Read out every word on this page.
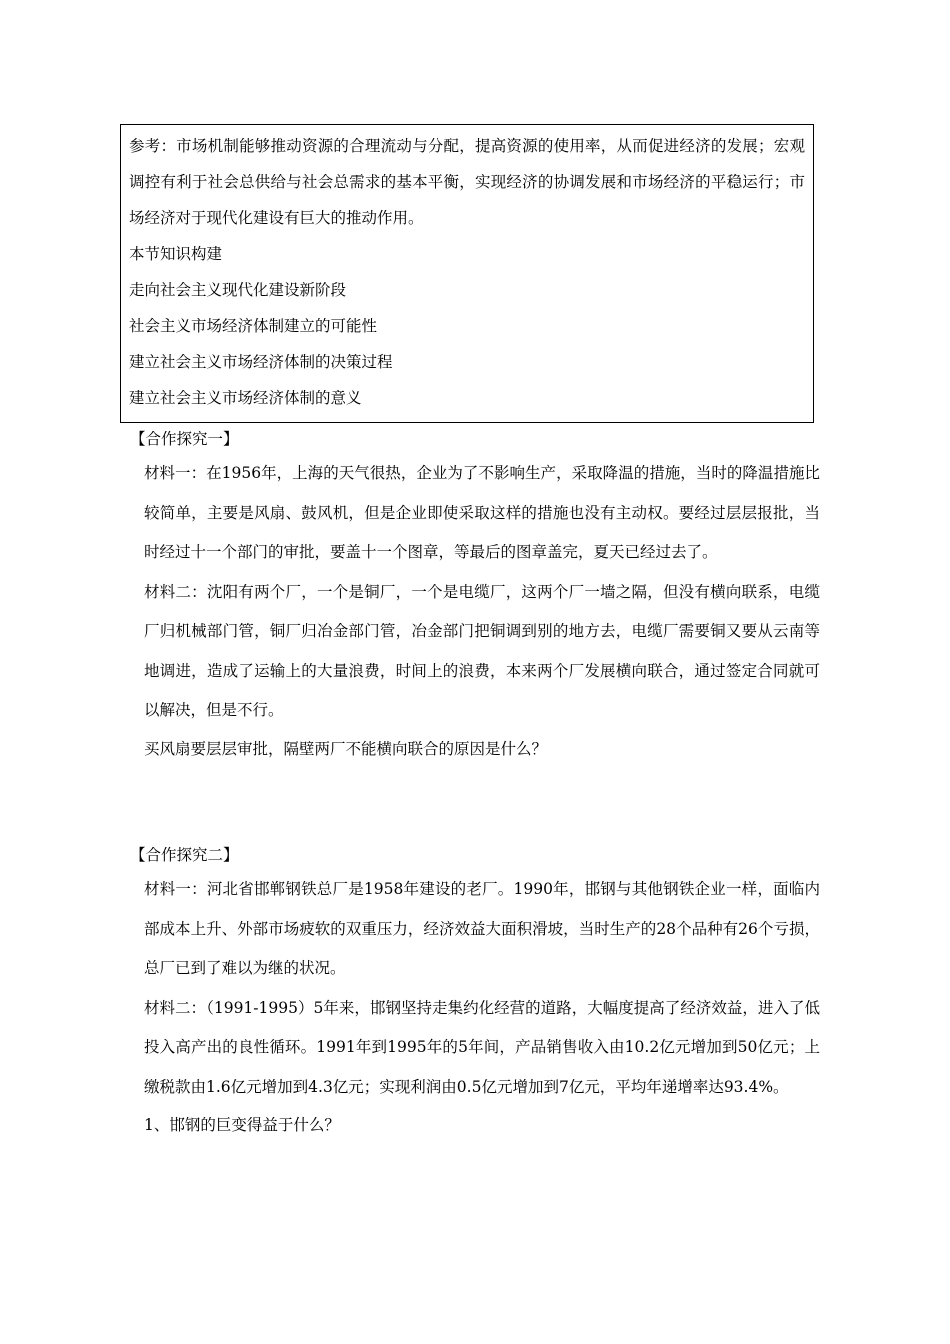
参考：市场机制能够推动资源的合理流动与分配，提高资源的使用率，从而促进经济的发展；宏观调控有利于社会总供给与社会总需求的基本平衡，实现经济的协调发展和市场经济的平稳运行；市场经济对于现代化建设有巨大的推动作用。

本节知识构建

走向社会主义现代化建设新阶段

社会主义市场经济体制建立的可能性

建立社会主义市场经济体制的决策过程

建立社会主义市场经济体制的意义

【合作探究一】

材料一：在1956年，上海的天气很热，企业为了不影响生产，采取降温的措施，当时的降温措施比较简单，主要是风扇、鼓风机，但是企业即使采取这样的措施也没有主动权。要经过层层报批，当时经过十一个部门的审批，要盖十一个图章，等最后的图章盖完，夏天已经过去了。

材料二：沈阳有两个厂，一个是铜厂，一个是电缆厂，这两个厂一墙之隔，但没有横向联系，电缆厂归机械部门管，铜厂归冶金部门管，冶金部门把铜调到别的地方去，电缆厂需要铜又要从云南等地调进，造成了运输上的大量浪费，时间上的浪费，本来两个厂发展横向联合，通过签定合同就可以解决，但是不行。

买风扇要层层审批，隔壁两厂不能横向联合的原因是什么？

【合作探究二】

材料一：河北省邯郸钢铁总厂是1958年建设的老厂。1990年，邯钢与其他钢铁企业一样，面临内部成本上升、外部市场疲软的双重压力，经济效益大面积滑坡，当时生产的28个品种有26个亏损，总厂已到了难以为继的状况。

材料二：（1991-1995）5年来，邯钢坚持走集约化经营的道路，大幅度提高了经济效益，进入了低投入高产出的良性循环。1991年到1995年的5年间，产品销售收入由10.2亿元增加到50亿元；上缴税款由1.6亿元增加到4.3亿元；实现利润由0.5亿元增加到7亿元，平均年递增率达93.4%。

1、邯钢的巨变得益于什么？
